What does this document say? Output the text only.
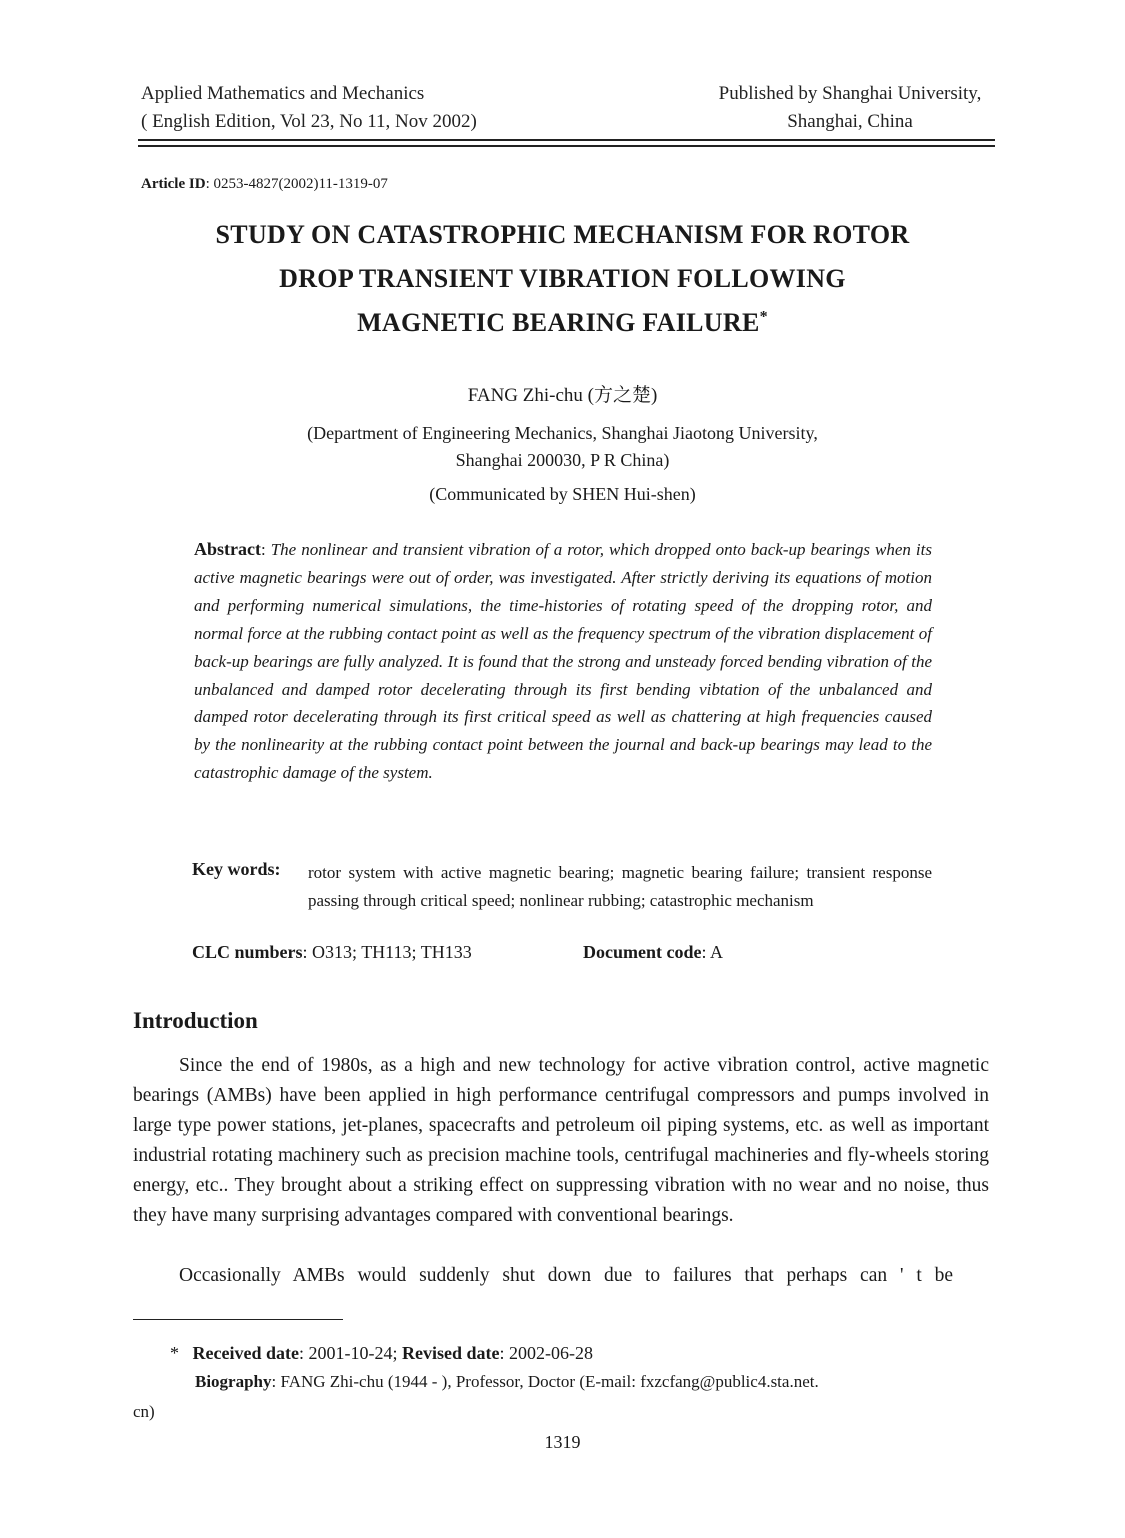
Applied Mathematics and Mechanics
( English Edition, Vol 23, No 11, Nov 2002)
Published by Shanghai University,
Shanghai, China
Article ID: 0253-4827(2002)11-1319-07
STUDY ON CATASTROPHIC MECHANISM FOR ROTOR
DROP TRANSIENT VIBRATION FOLLOWING
MAGNETIC BEARING FAILURE*
FANG Zhi-chu (方之楚)
(Department of Engineering Mechanics, Shanghai Jiaotong University,
Shanghai 200030, P R China)
(Communicated by SHEN Hui-shen)
Abstract: The nonlinear and transient vibration of a rotor, which dropped onto back-up bearings when its active magnetic bearings were out of order, was investigated. After strictly deriving its equations of motion and performing numerical simulations, the time-histories of rotating speed of the dropping rotor, and normal force at the rubbing contact point as well as the frequency spectrum of the vibration displacement of back-up bearings are fully analyzed. It is found that the strong and unsteady forced bending vibration of the unbalanced and damped rotor decelerating through its first bending vibtation of the unbalanced and damped rotor decelerating through its first critical speed as well as chattering at high frequencies caused by the nonlinearity at the rubbing contact point between the journal and back-up bearings may lead to the catastrophic damage of the system.
Key words: rotor system with active magnetic bearing; magnetic bearing failure; transient response passing through critical speed; nonlinear rubbing; catastrophic mechanism
CLC numbers: O313; TH113; TH133	Document code: A
Introduction
Since the end of 1980s, as a high and new technology for active vibration control, active magnetic bearings (AMBs) have been applied in high performance centrifugal compressors and pumps involved in large type power stations, jet-planes, spacecrafts and petroleum oil piping systems, etc. as well as important industrial rotating machinery such as precision machine tools, centrifugal machineries and fly-wheels storing energy, etc.. They brought about a striking effect on suppressing vibration with no wear and no noise, thus they have many surprising advantages compared with conventional bearings.
Occasionally AMBs would suddenly shut down due to failures that perhaps can ' t be
* Received date: 2001-10-24; Revised date: 2002-06-28
Biography: FANG Zhi-chu (1944 - ), Professor, Doctor (E-mail: fxzcfang@public4.sta.net.
cn)
1319
